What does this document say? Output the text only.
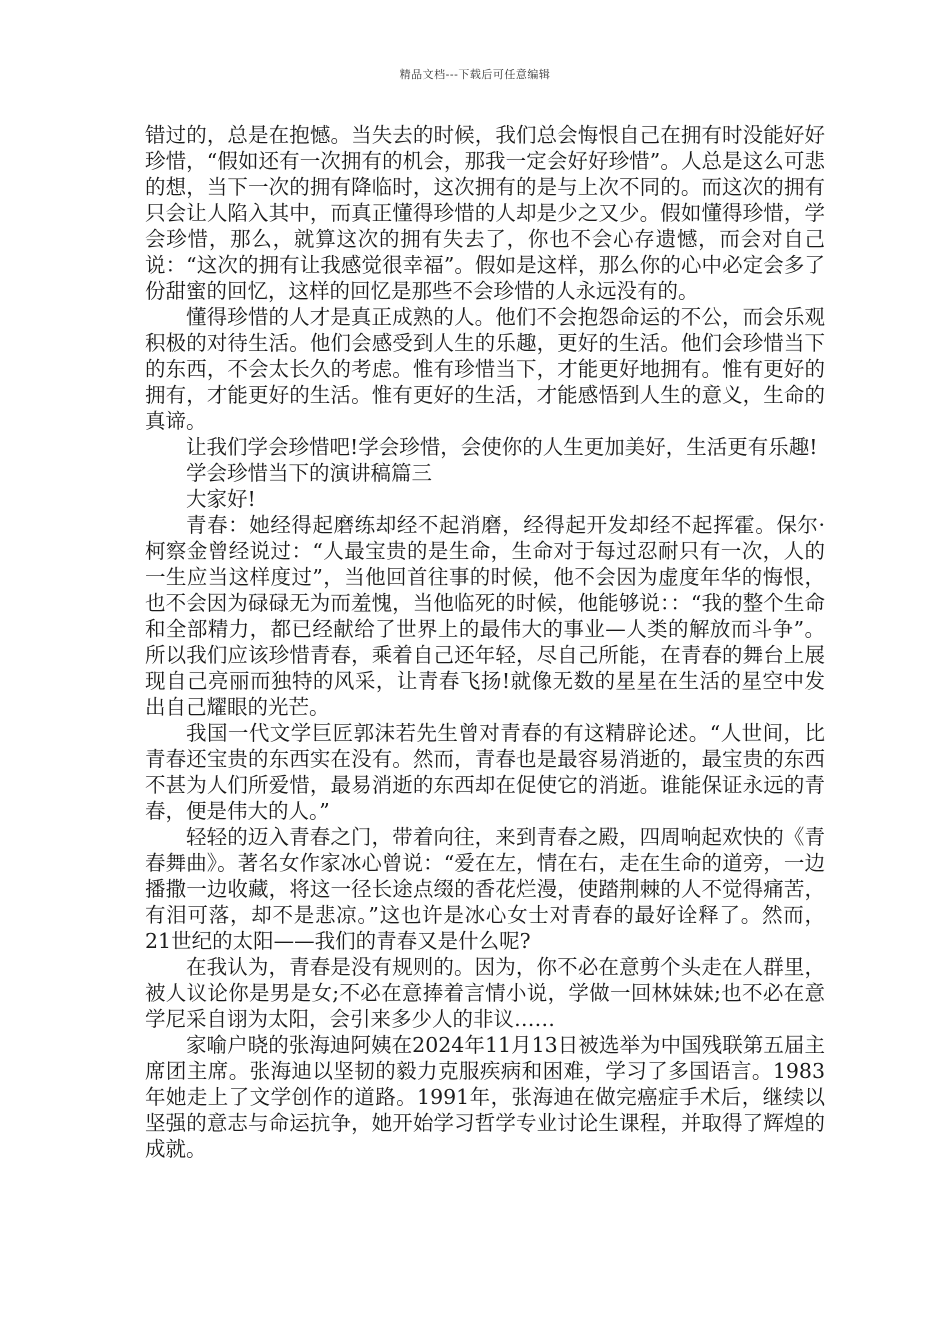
精品文档---下载后可任意编辑

错过的，总是在抱憾。当失去的时候，我们总会悔恨自己在拥有时没能好好珍惜，“假如还有一次拥有的机会，那我一定会好好珍惜”。人总是这么可悲的想，当下一次的拥有降临时，这次拥有的是与上次不同的。而这次的拥有只会让人陷入其中，而真正懂得珍惜的人却是少之又少。假如懂得珍惜，学会珍惜，那么，就算这次的拥有失去了，你也不会心存遗憾，而会对自己说：“这次的拥有让我感觉很幸福”。假如是这样，那么你的心中必定会多了份甜蜜的回忆，这样的回忆是那些不会珍惜的人永远没有的。

懂得珍惜的人才是真正成熟的人。他们不会抱怨命运的不公，而会乐观积极的对待生活。他们会感受到人生的乐趣，更好的生活。他们会珍惜当下的东西，不会太长久的考虑。惟有珍惜当下，才能更好地拥有。惟有更好的拥有，才能更好的生活。惟有更好的生活，才能感悟到人生的意义，生命的真谛。

让我们学会珍惜吧!学会珍惜，会使你的人生更加美好，生活更有乐趣!

学会珍惜当下的演讲稿篇三

大家好!

青春：她经得起磨练却经不起消磨，经得起开发却经不起挥霍。保尔·柯察金曾经说过：“人最宝贵的是生命，生命对于每过忍耐只有一次，人的一生应当这样度过”，当他回首往事的时候，他不会因为虚度年华的悔恨，也不会因为碌碌无为而羞愧，当他临死的时候，他能够说：：“我的整个生命和全部精力，都已经献给了世界上的最伟大的事业—人类的解放而斗争”。所以我们应该珍惜青春，乘着自己还年轻，尽自己所能，在青春的舞台上展现自己亮丽而独特的风采，让青春飞扬!就像无数的星星在生活的星空中发出自己耀眼的光芒。

我国一代文学巨匠郭沫若先生曾对青春的有这精辟论述。“人世间，比青春还宝贵的东西实在没有。然而，青春也是最容易消逝的，最宝贵的东西不甚为人们所爱惜，最易消逝的东西却在促使它的消逝。谁能保证永远的青春，便是伟大的人。”

轻轻的迈入青春之门，带着向往，来到青春之殿，四周响起欢快的《青春舞曲》。著名女作家冰心曾说：“爱在左，情在右，走在生命的道旁，一边播撒一边收藏，将这一径长途点缀的香花烂漫，使踏荆棘的人不觉得痛苦，有泪可落，却不是悲凉。”这也许是冰心女士对青春的最好诠释了。然而，21世纪的太阳——我们的青春又是什么呢?

在我认为，青春是没有规则的。因为，你不必在意剪个头走在人群里，被人议论你是男是女;不必在意捧着言情小说，学做一回林妹妹;也不必在意学尼采自诩为太阳，会引来多少人的非议……

家喻户晓的张海迪阿姨在2024年11月13日被选举为中国残联第五届主席团主席。张海迪以坚韧的毅力克服疾病和困难，学习了多国语言。1983年她走上了文学创作的道路。1991年，张海迪在做完癌症手术后，继续以坚强的意志与命运抗争，她开始学习哲学专业讨论生课程，并取得了辉煌的成就。
